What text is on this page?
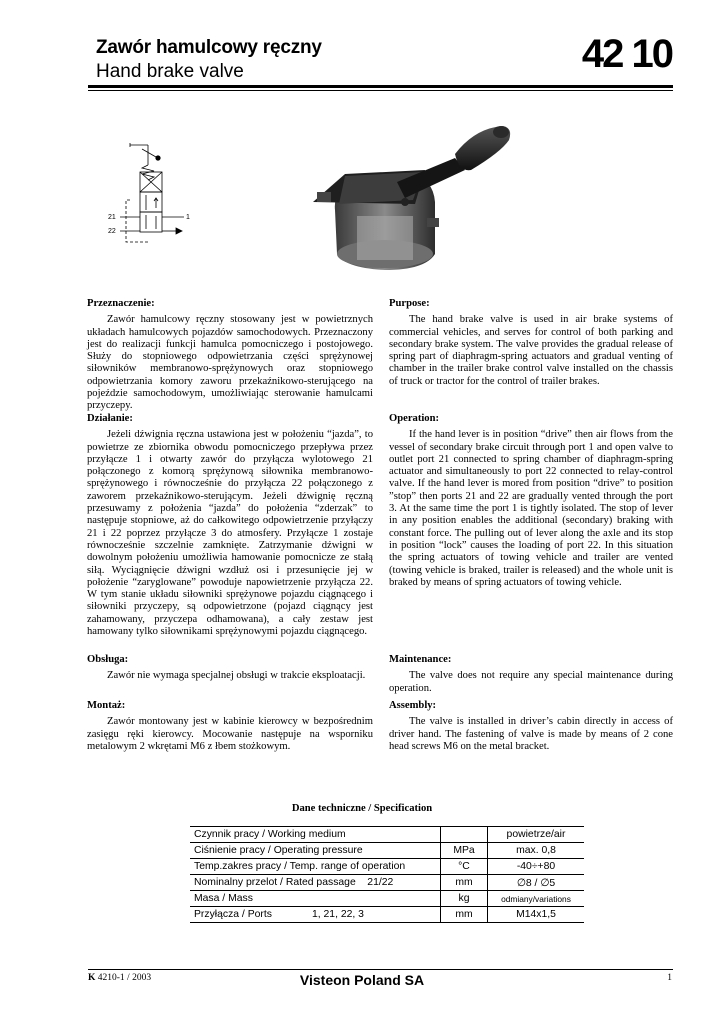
Zawór hamulcowy ręczny
Hand brake valve	42 10
21
22
1
Przeznaczenie:

Zawór hamulcowy ręczny stosowany jest w powietrznych układach hamulcowych pojazdów samochodowych. Przeznaczony jest do realizacji funkcji hamulca pomocniczego i postojowego. Służy do stopniowego odpowietrzania części sprężynowej siłowników membranowo-sprężynowych oraz stopniowego odpowietrzania komory zaworu przekaźnikowo-sterującego na pojeździe samochodowym, umożliwiając sterowanie hamulcami przyczepy.

Działanie:

Jeżeli dźwignia ręczna ustawiona jest w położeniu “jazda”, to powietrze ze zbiornika obwodu pomocniczego przepływa przez przyłącze 1 i otwarty zawór do przyłącza wylotowego 21 połączonego z komorą sprężynową siłownika membranowo-sprężynowego i równocześnie do przyłącza 22 połączonego z zaworem przekaźnikowo-sterującym. Jeżeli dźwignię ręczną przesuwamy z położenia “jazda” do położenia “zderzak” to następuje stopniowe, aż do całkowitego odpowietrzenie przyłączy 21 i 22 poprzez przyłącze 3 do atmosfery. Przyłącze 1 zostaje równocześnie szczelnie zamknięte. Zatrzymanie dźwigni w dowolnym położeniu umożliwia hamowanie pomocnicze ze stałą siłą. Wyciągnięcie dźwigni wzdłuż osi i przesunięcie jej w położenie “zaryglowane” powoduje napowietrzenie przyłącza 22. W tym stanie układu siłowniki sprężynowe pojazdu ciągnącego i siłowniki przyczepy, są odpowietrzone (pojazd ciągnący jest zahamowany, przyczepa odhamowana), a cały zestaw jest hamowany tylko siłownikami sprężynowymi pojazdu ciągnącego.

Obsługa:

Zawór nie wymaga specjalnej obsługi w trakcie eksploatacji.

Montaż:

Zawór montowany jest w kabinie kierowcy w bezpośrednim zasięgu ręki kierowcy. Mocowanie następuje na wsporniku metalowym 2 wkrętami M6 z łbem stożkowym.

Purpose:

The hand brake valve is used in air brake systems of commercial vehicles, and serves for control of both parking and secondary brake system. The valve provides the gradual release of spring part of diaphragm-spring actuators and gradual venting of chamber in the trailer brake control valve installed on the chassis of truck or tractor for the control of trailer brakes.

Operation:

If the hand lever is in position “drive” then air flows from the vessel of secondary brake circuit through port 1 and open valve to outlet port 21 connected to spring chamber of diaphragm-spring actuator and simultaneously to port 22 connected to relay-control valve. If the hand lever is mored from position “drive” to position ”stop” then ports 21 and 22 are gradually vented through the port 3. At the same time the port 1 is tightly isolated. The stop of lever in any position enables the additional (secondary) braking with constant force. The pulling out of lever along the axle and its stop in position “lock” causes the loading of port 22. In this situation the spring actuators of towing vehicle and trailer are vented (towing vehicle is braked, trailer is released) and the whole unit is braked by means of spring actuators of towing vehicle.

Maintenance:

The valve does not require any special maintenance during operation.

Assembly:

The valve is installed in driver’s cabin directly in access of driver hand. The fastening of valve is made by means of 2 cone head screws M6 on the metal bracket.

Dane techniczne / Specification
Czynnik pracy / Working medium		powietrze/air
Ciśnienie pracy / Operating pressure	MPa	max. 0,8
Temp.zakres pracy / Temp. range of operation	°C	-40÷+80
Nominalny przelot / Rated passage 21/22	mm	∅8 / ∅5
Masa / Mass	kg	odmiany/variations
Przyłącza / Ports 1, 21, 22, 3	mm	M14x1,5
K 4210-1 / 2003	Visteon Poland SA	1
